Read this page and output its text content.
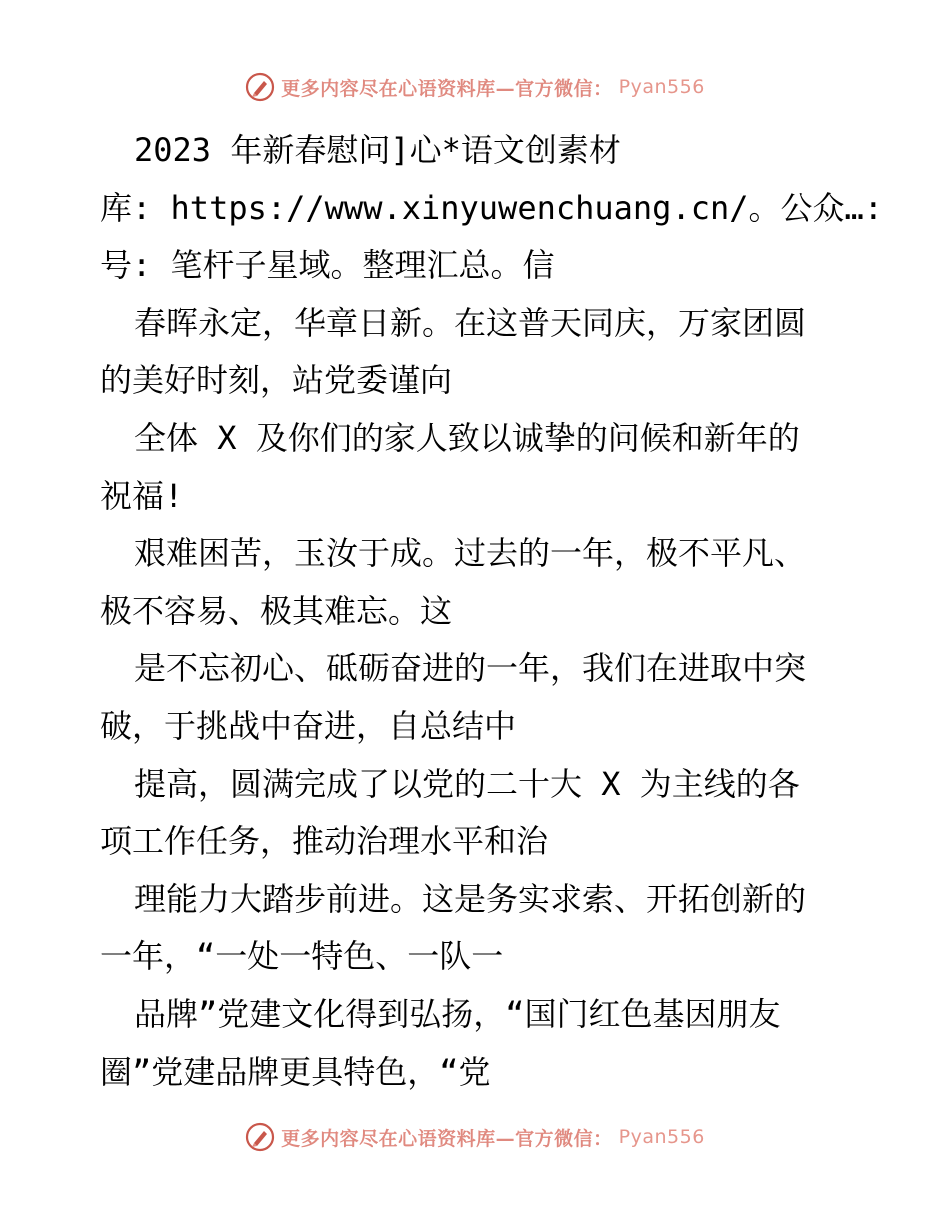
更多内容尽在心语资料库—官方微信： Pyan556
2023 年新春慰问]心*语文创素材
库: https://www.xinyuwenchuang.cn/。公众…:
号: 笔杆子星域。整理汇总。信
春晖永定，华章日新。在这普天同庆，万家团圆
的美好时刻，站党委谨向
全体 X 及你们的家人致以诚挚的问候和新年的
祝福!
艰难困苦，玉汝于成。过去的一年，极不平凡、
极不容易、极其难忘。这
是不忘初心、砥砺奋进的一年，我们在进取中突
破，于挑战中奋进，自总结中
提高，圆满完成了以党的二十大 X 为主线的各
项工作任务，推动治理水平和治
理能力大踏步前进。这是务实求索、开拓创新的
一年，“一处一特色、一队一
品牌”党建文化得到弘扬，“国门红色基因朋友
圈”党建品牌更具特色，“党
更多内容尽在心语资料库—官方微信： Pyan556
